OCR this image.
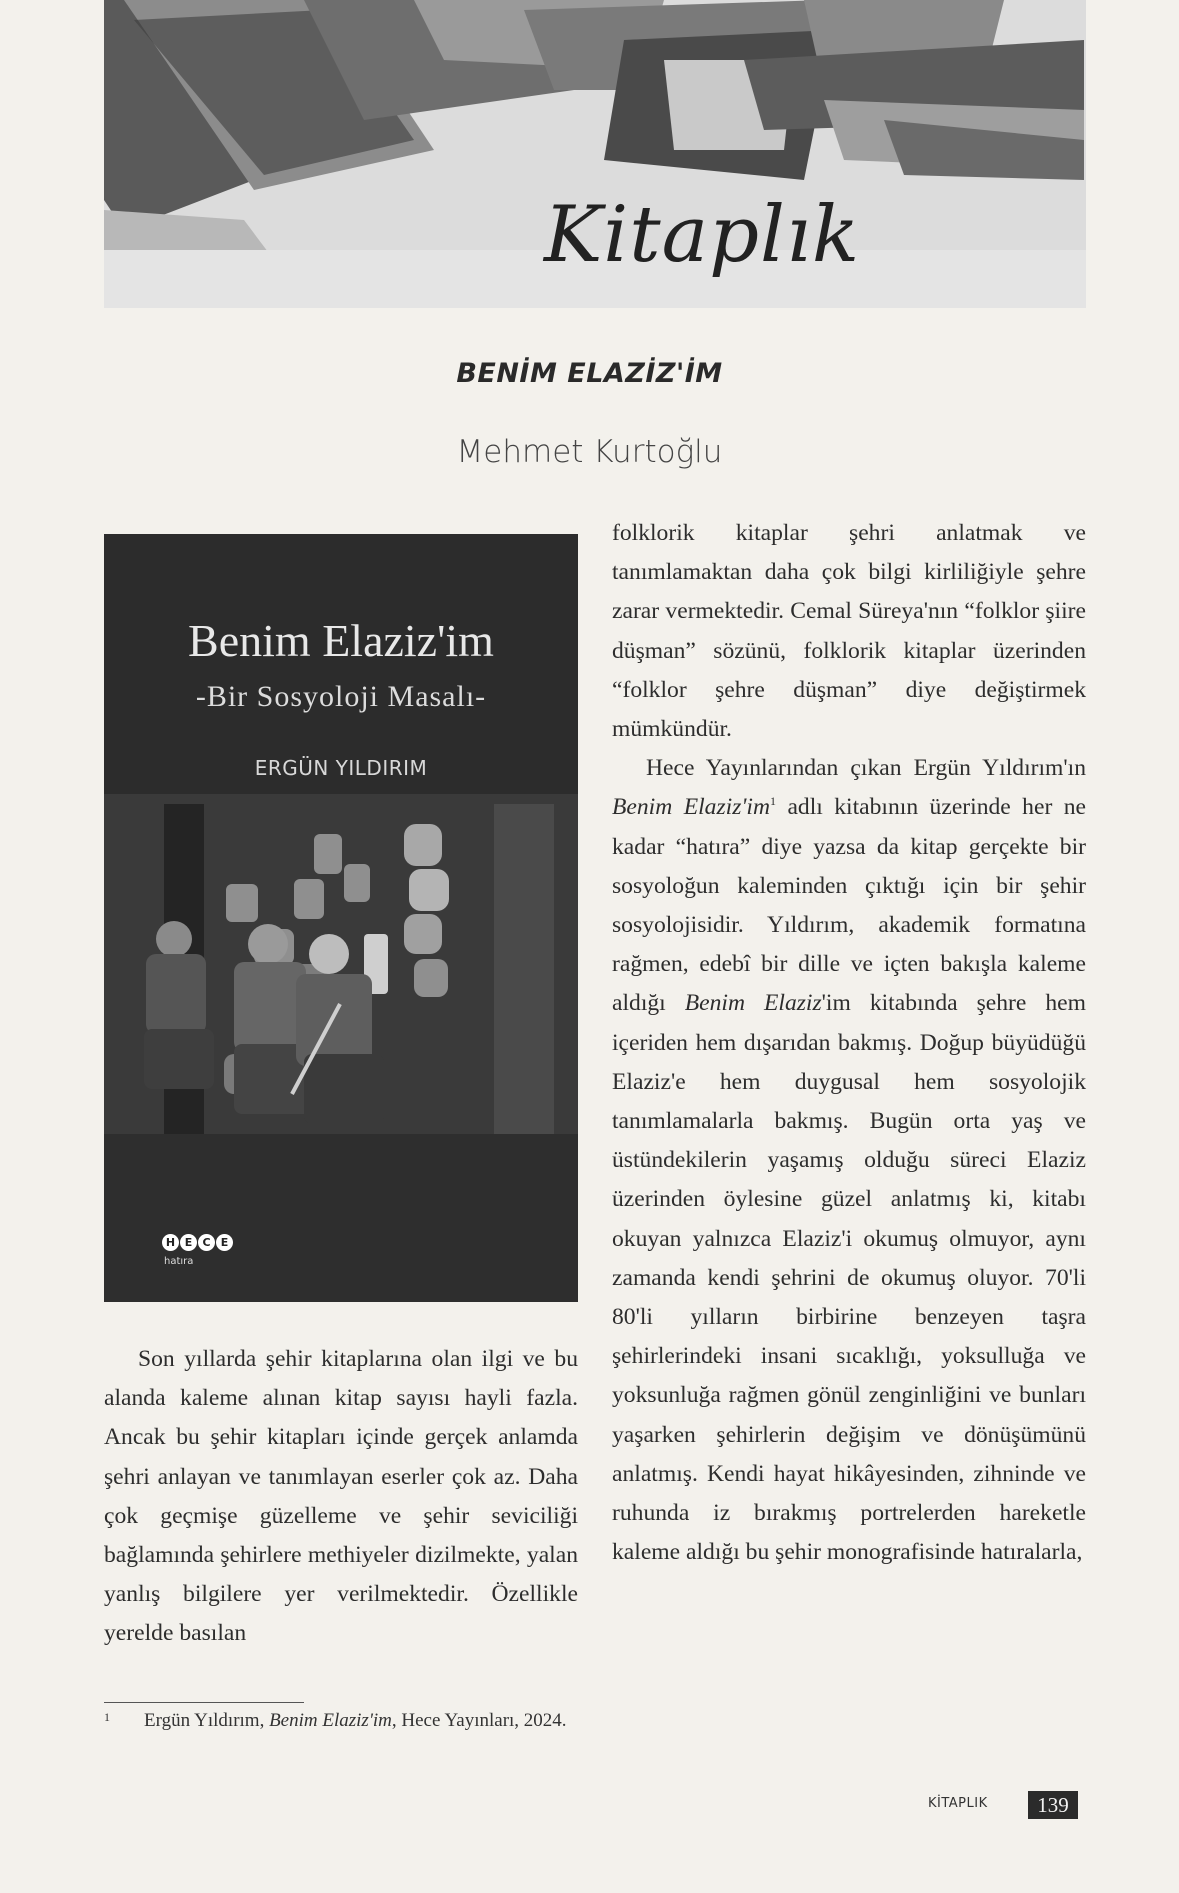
Kitaplık
BENİM ELAZİZ'İM
Mehmet Kurtoğlu
Benim Elaziz'im
-Bir Sosyoloji Masalı-
ERGÜN YILDIRIM
H E C E
hatıra

Son yıllarda şehir kitaplarına olan ilgi ve bu alanda kaleme alınan kitap sayısı hayli fazla. Ancak bu şehir kitapları içinde gerçek anlamda şehri anlayan ve tanımlayan eserler çok az. Daha çok geçmişe güzelleme ve şehir seviciliği bağlamında şehirlere methiyeler dizilmekte, yalan yanlış bilgilere yer verilmektedir. Özellikle yerelde basılan

folklorik kitaplar şehri anlatmak ve tanımlamaktan daha çok bilgi kirliliğiyle şehre zarar vermektedir. Cemal Süreya'nın “folklor şiire düşman” sözünü, folklorik kitaplar üzerinden “folklor şehre düşman” diye değiştirmek mümkündür.

Hece Yayınlarından çıkan Ergün Yıldırım'ın Benim $Elaziz'im^1$ adlı kitabının üzerinde her ne kadar “hatıra” diye yazsa da kitap gerçekte bir sosyoloğun kaleminden çıktığı için bir şehir sosyolojisidir. Yıldırım, akademik formatına rağmen, edebî bir dille ve içten bakışla kaleme aldığı Benim Elaziz'im kitabında şehre hem içeriden hem dışarıdan bakmış. Doğup büyüdüğü Elaziz'e hem duygusal hem sosyolojik tanımlamalarla bakmış. Bugün orta yaş ve üstündekilerin yaşamış olduğu süreci Elaziz üzerinden öylesine güzel anlatmış ki, kitabı okuyan yalnızca Elaziz'i okumuş olmuyor, aynı zamanda kendi şehrini de okumuş oluyor. 70'li 80'li yılların birbirine benzeyen taşra şehirlerindeki insani sıcaklığı, yoksulluğa ve yoksunluğa rağmen gönül zenginliğini ve bunları yaşarken şehirlerin değişim ve dönüşümünü anlatmış. Kendi hayat hikâyesinden, zihninde ve ruhunda iz bırakmış portrelerden hareketle kaleme aldığı bu şehir monografisinde hatıralarla,

1 Ergün Yıldırım, Benim Elaziz'im, Hece Yayınları, 2024.
KİTAPLIK	139
